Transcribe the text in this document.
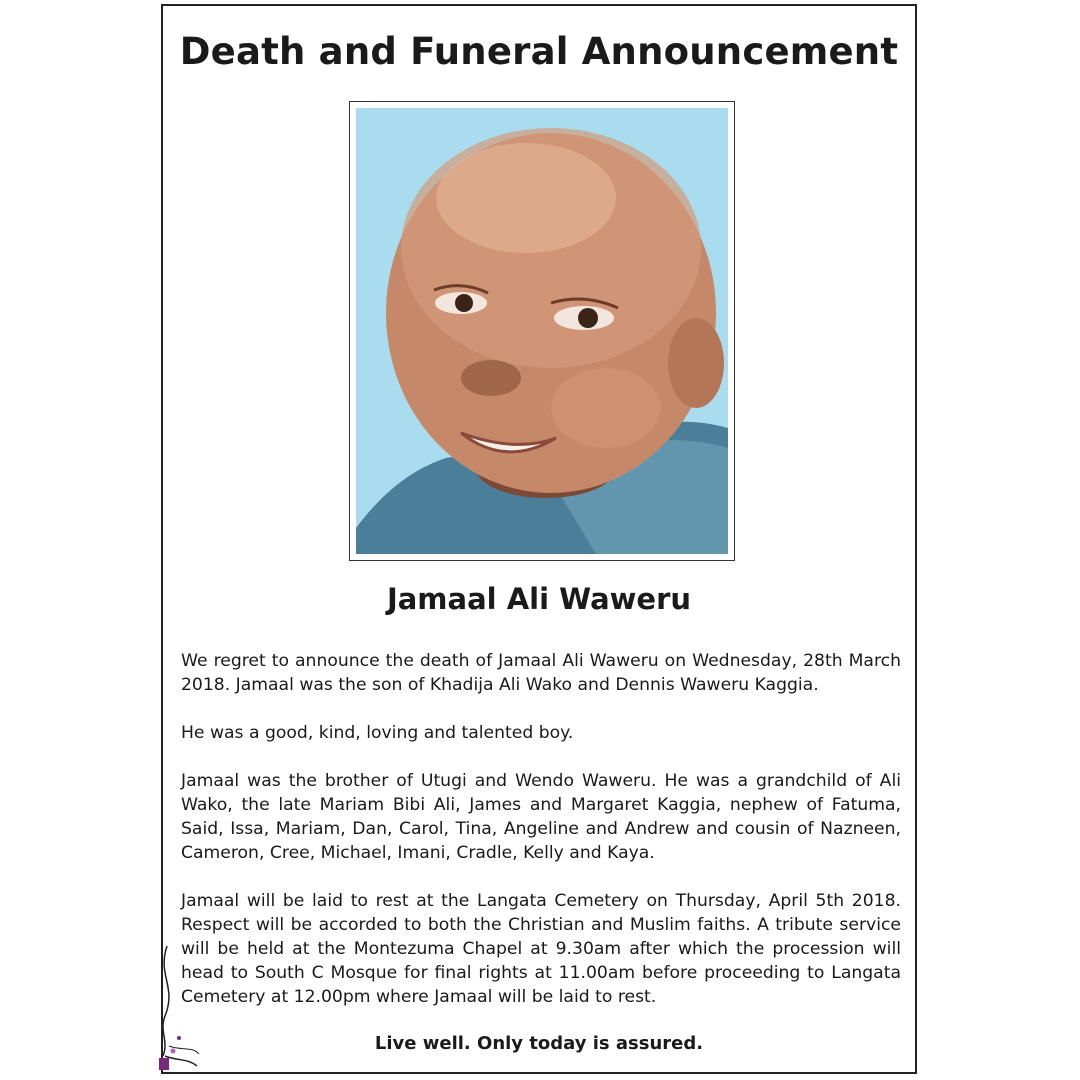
Death and Funeral Announcement
Jamaal Ali Waweru
We regret to announce the death of Jamaal Ali Waweru on Wednesday, 28th March 2018. Jamaal was the son of Khadija Ali Wako and Dennis Waweru Kaggia.
He was a good, kind, loving and talented boy.
Jamaal was the brother of Utugi and Wendo Waweru. He was a grandchild of Ali Wako, the late Mariam Bibi Ali, James and Margaret Kaggia, nephew of Fatuma, Said, Issa, Mariam, Dan, Carol, Tina, Angeline and Andrew and cousin of Nazneen, Cameron, Cree, Michael, Imani, Cradle, Kelly and Kaya.
Jamaal will be laid to rest at the Langata Cemetery on Thursday, April 5th 2018. Respect will be accorded to both the Christian and Muslim faiths. A tribute service will be held at the Montezuma Chapel at 9.30am after which the procession will head to South C Mosque for final rights at 11.00am before proceeding to Langata Cemetery at 12.00pm where Jamaal will be laid to rest.
Live well. Only today is assured.
